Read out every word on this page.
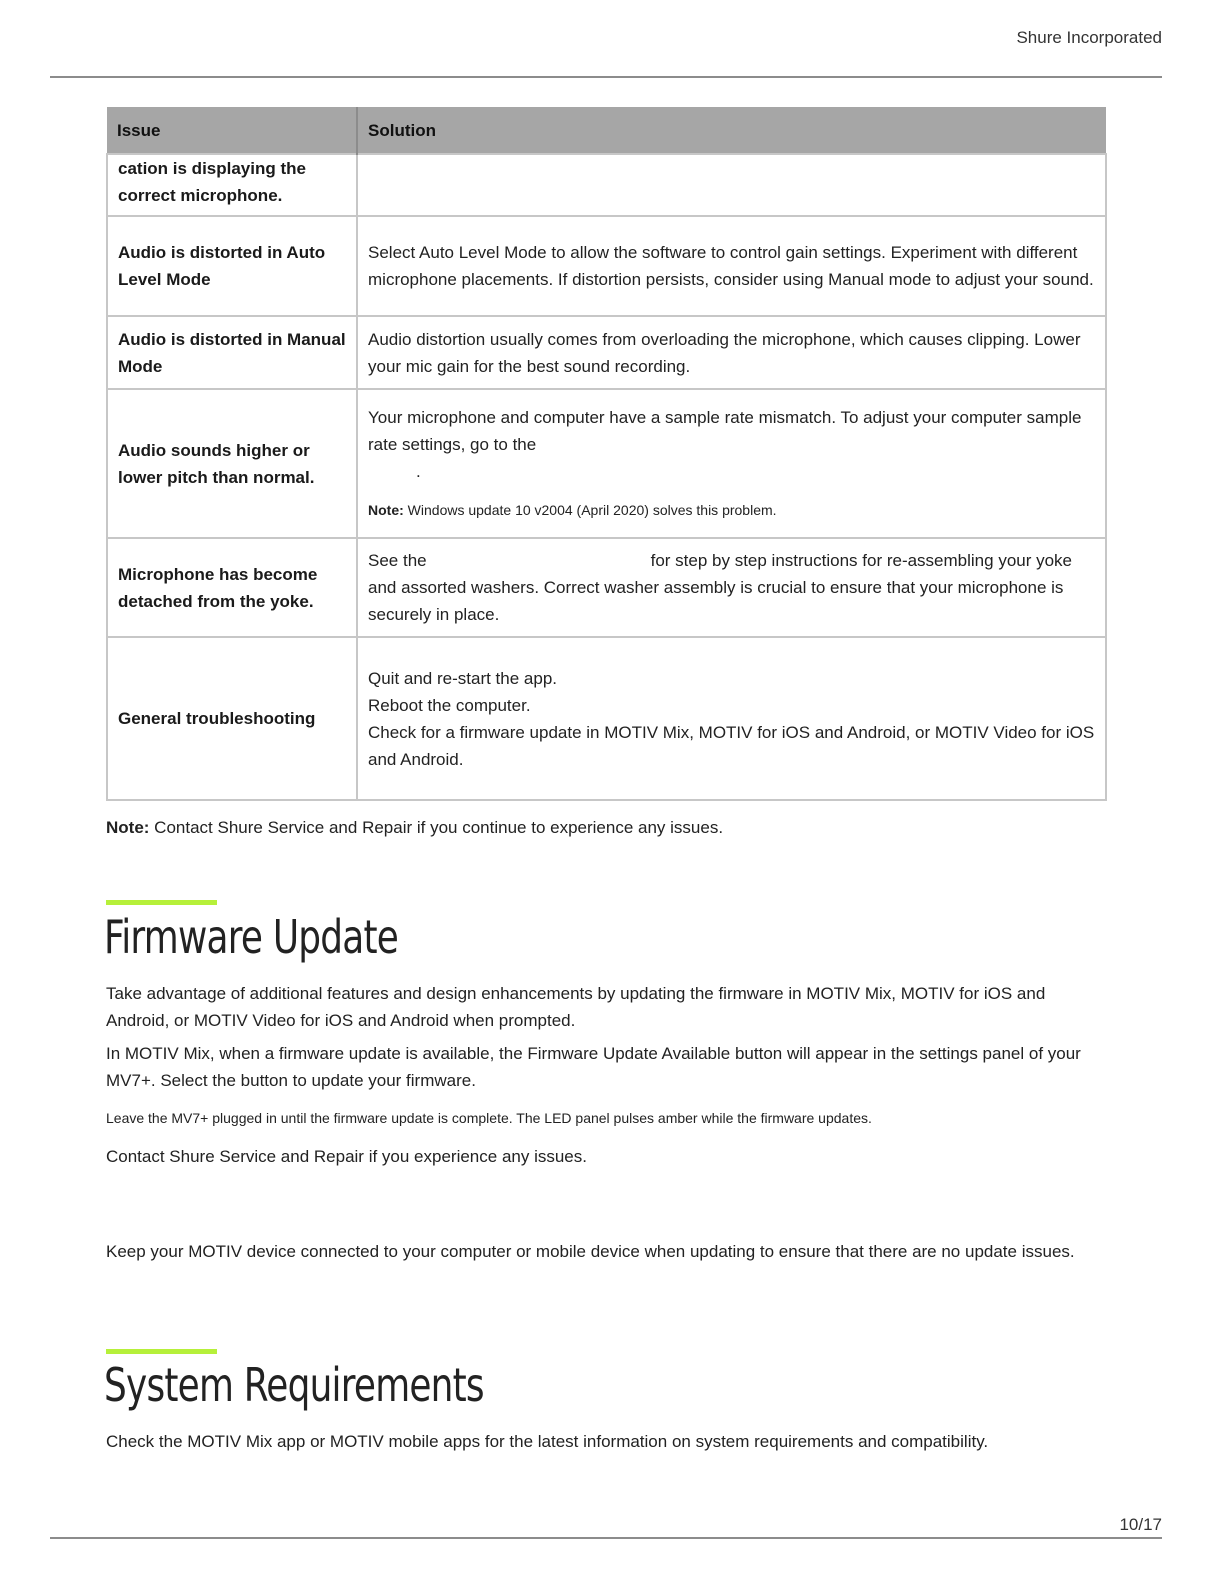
Shure Incorporated
Issue	Solution
cation is displaying the correct microphone.	
Audio is distorted in Auto Level Mode	Select Auto Level Mode to allow the software to control gain settings. Experiment with different microphone placements. If distortion persists, consider using Manual mode to adjust your sound.
Audio is distorted in Manual Mode	Audio distortion usually comes from overloading the microphone, which causes clipping. Lower your mic gain for the best sound recording.
Audio sounds higher or lower pitch than normal.	Your microphone and computer have a sample rate mismatch. To adjust your computer sample rate settings, go to the
.
Note: Windows update 10 v2004 (April 2020) solves this problem.

Microphone has become detached from the yoke.	See the for step by step instructions for re-assembling your yoke and assorted washers. Correct washer assembly is crucial to ensure that your microphone is securely in place.
General troubleshooting	Quit and re-start the app.
Reboot the computer.
Check for a firmware update in MOTIV Mix, MOTIV for iOS and Android, or MOTIV Video for iOS and Android.
Note: Contact Shure Service and Repair if you continue to experience any issues.
Firmware Update

Take advantage of additional features and design enhancements by updating the firmware in MOTIV Mix, MOTIV for iOS and Android, or MOTIV Video for iOS and Android when prompted.

In MOTIV Mix, when a firmware update is available, the Firmware Update Available button will appear in the settings panel of your MV7+. Select the button to update your firmware.

Leave the MV7+ plugged in until the firmware update is complete. The LED panel pulses amber while the firmware updates.

Contact Shure Service and Repair if you experience any issues.

Keep your MOTIV device connected to your computer or mobile device when updating to ensure that there are no update issues.

System Requirements

Check the MOTIV Mix app or MOTIV mobile apps for the latest information on system requirements and compatibility.

10/17
